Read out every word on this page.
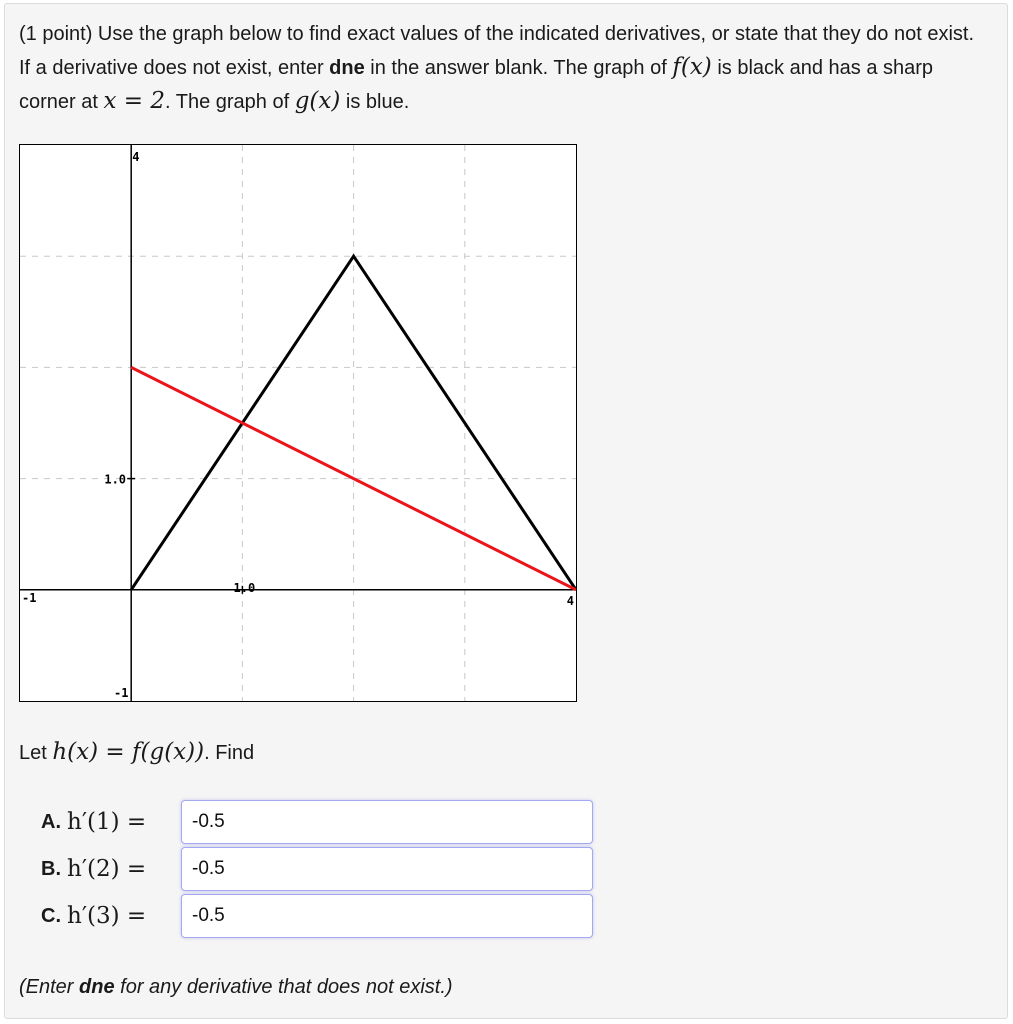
(1 point) Use the graph below to find exact values of the indicated derivatives, or state that they do not exist. If a derivative does not exist, enter dne in the answer blank. The graph of f(x) is black and has a sharp corner at x = 2. The graph of g(x) is blue.
4
1.0
-1
-1
1.0
4
Let h(x) = f(g(x)). Find
A. h′(1) =
-0.5
B. h′(2) =
-0.5
C. h′(3) =
-0.5
(Enter dne for any derivative that does not exist.)
